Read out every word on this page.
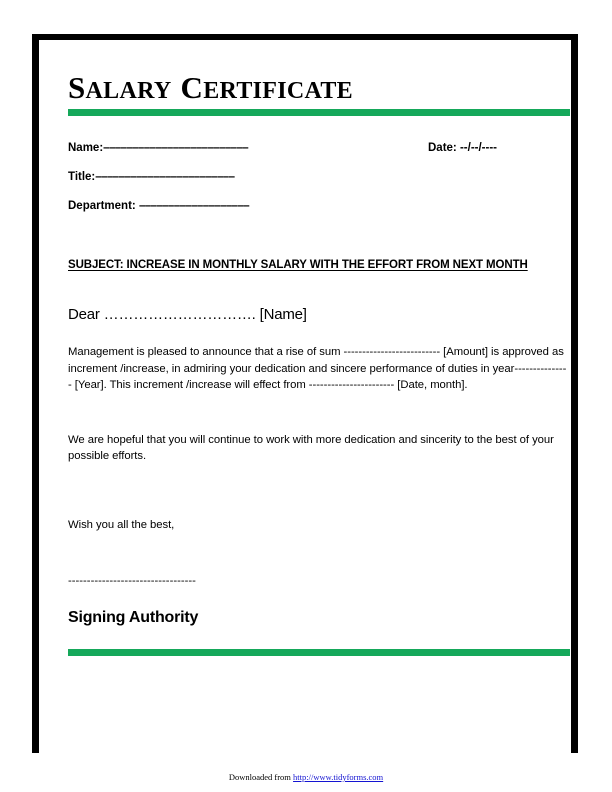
SALARY CERTIFICATE
Name:–––––––––––––––––––––––––	Date: --/--/----
Title:––––––––––––––––––––––––
Department: –––––––––––––––––––
SUBJECT: INCREASE IN MONTHLY SALARY WITH THE EFFORT FROM NEXT MONTH
Dear …………………………. [Name]

Management is pleased to announce that a rise of sum -------------------------- [Amount] is approved as increment /increase, in admiring your dedication and sincere performance of duties in year--------------- [Year]. This increment /increase will effect from ----------------------- [Date, month].

We are hopeful that you will continue to work with more dedication and sincerity to the best of your possible efforts.

Wish you all the best,

----------------------------------
Signing Authority
Downloaded from http://www.tidyforms.com
